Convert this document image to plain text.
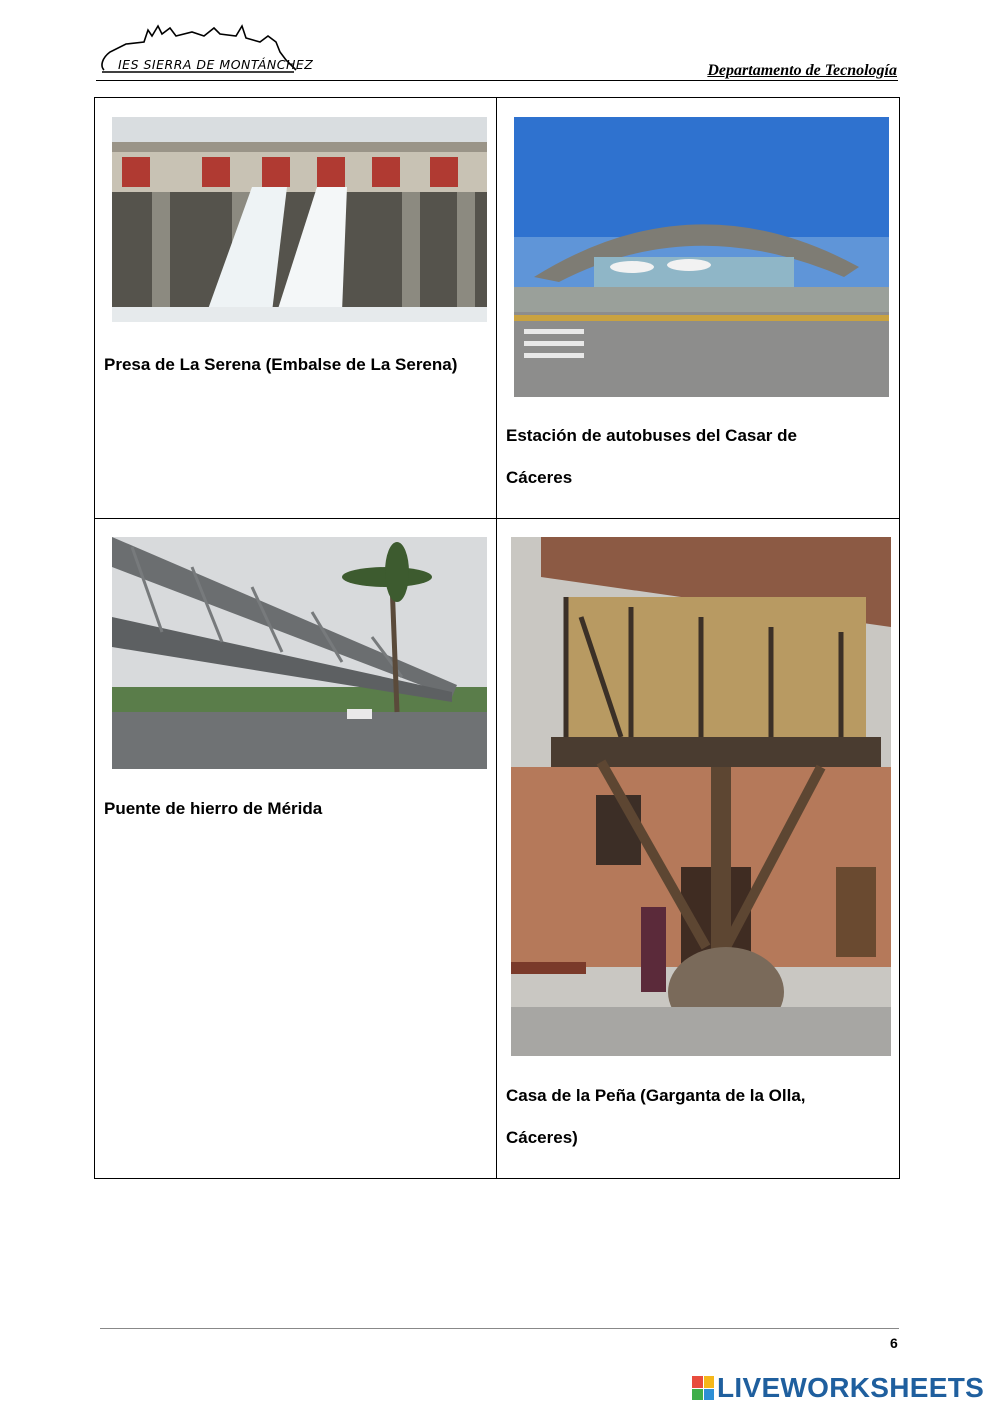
IES SIERRA DE MONTÁNCHEZ	Departamento de Tecnología
Presa de La Serena (Embalse de La Serena)
Estación de autobuses del Casar de
Cáceres
Puente de hierro de Mérida
Casa de la Peña (Garganta de la Olla,
Cáceres)
6
LIVEWORKSHEETS
